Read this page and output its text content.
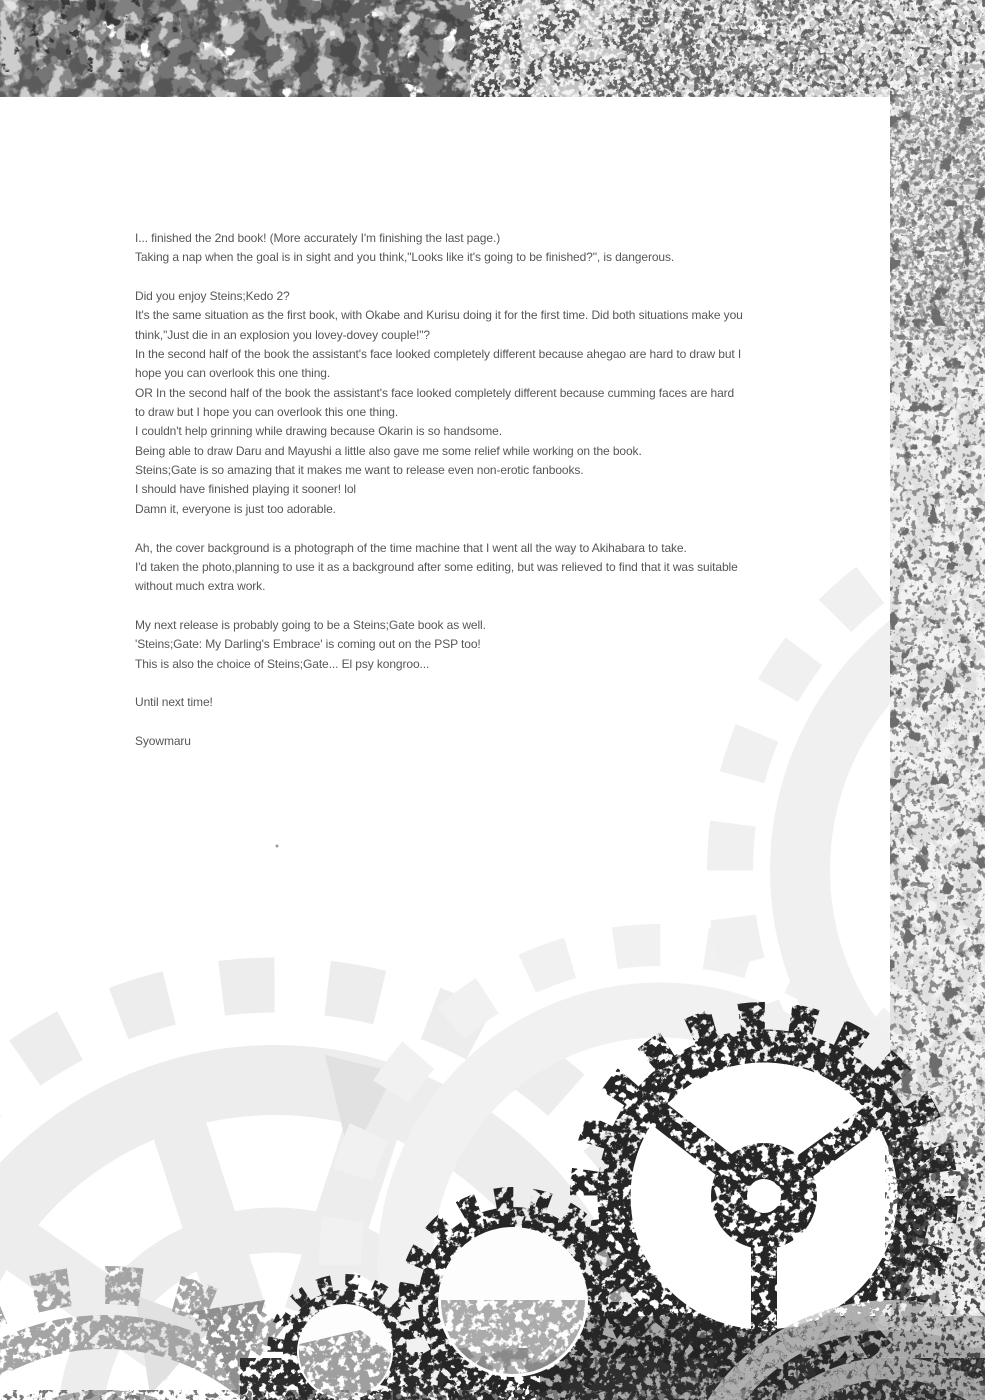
I... finished the 2nd book! (More accurately I'm finishing the last page.)
Taking a nap when the goal is in sight and you think,"Looks like it's going to be finished?", is dangerous.
Did you enjoy Steins;Kedo 2?
It's the same situation as the first book, with Okabe and Kurisu doing it for the first time. Did both situations make you
think,"Just die in an explosion you lovey-dovey couple!"?
In the second half of the book the assistant's face looked completely different because ahegao are hard to draw but I
hope you can overlook this one thing.
OR In the second half of the book the assistant's face looked completely different because cumming faces are hard
to draw but I hope you can overlook this one thing.
I couldn't help grinning while drawing because Okarin is so handsome.
Being able to draw Daru and Mayushi a little also gave me some relief while working on the book.
Steins;Gate is so amazing that it makes me want to release even non-erotic fanbooks.
I should have finished playing it sooner! lol
Damn it, everyone is just too adorable.
Ah, the cover background is a photograph of the time machine that I went all the way to Akihabara to take.
I'd taken the photo,planning to use it as a background after some editing, but was relieved to find that it was suitable
without much extra work.
My next release is probably going to be a Steins;Gate book as well.
'Steins;Gate: My Darling's Embrace' is coming out on the PSP too!
This is also the choice of Steins;Gate... El psy kongroo...
Until next time!
Syowmaru
